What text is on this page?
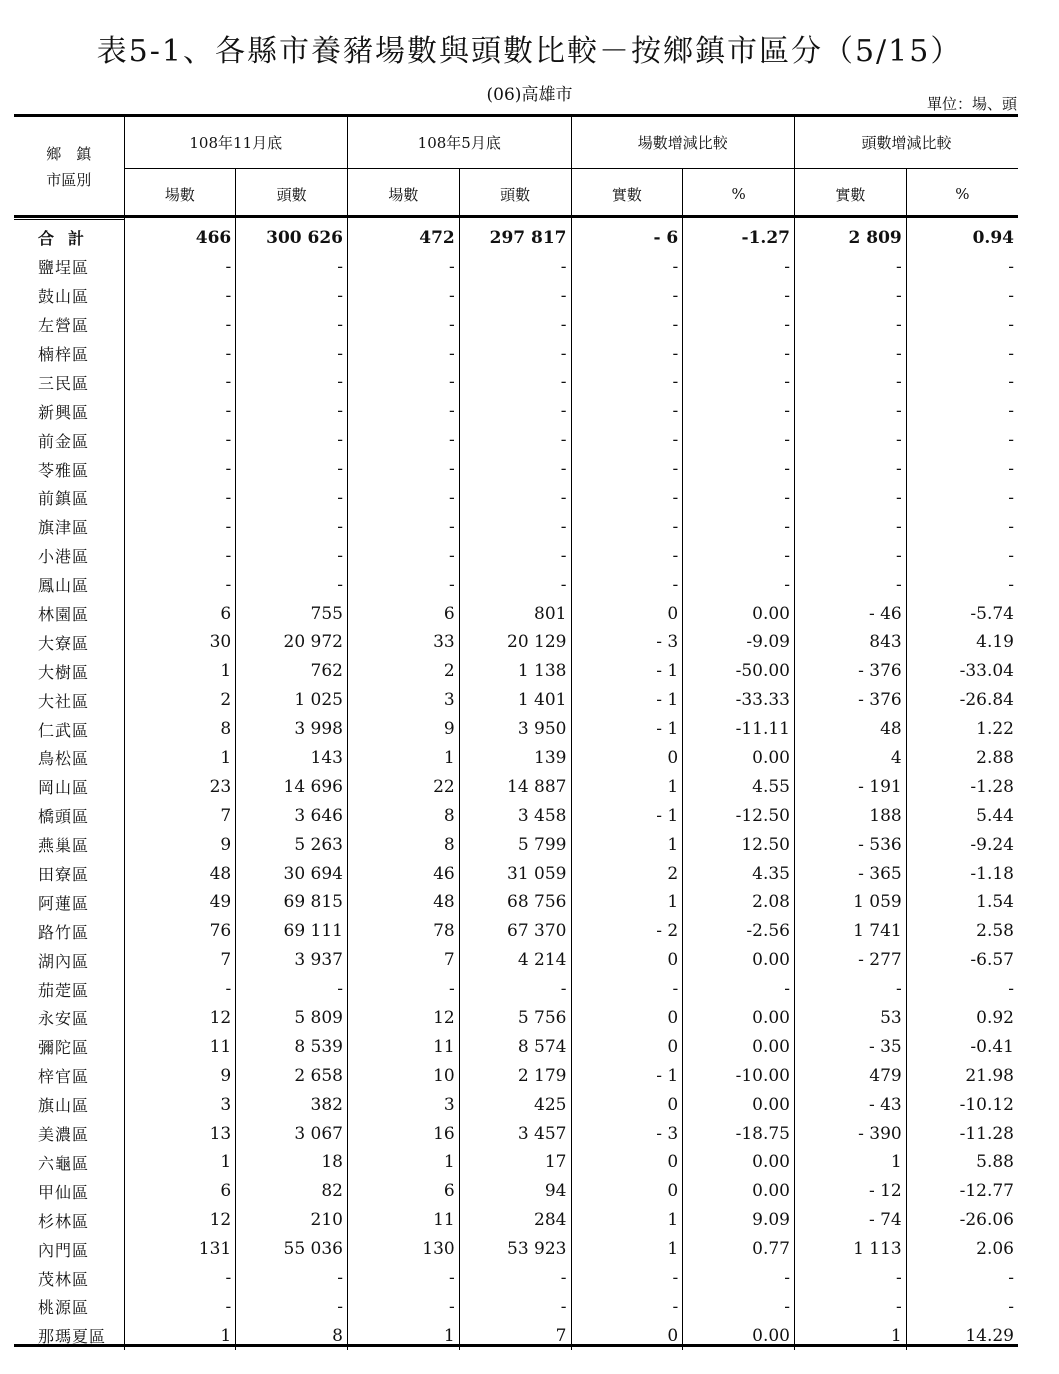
表5-1、各縣市養豬場數與頭數比較－按鄉鎮市區分（5/15）
(06)高雄市	單位：場、頭
鄉　鎮
市區別	108年11月底		108年5月底		場數增減比較		頭數增減比較	
	場數	頭數	場數	頭數	實數	%	實數	%
合計	466	300 626	472	297 817	- 6	-1.27	2 809	0.94
鹽埕區	-	-	-	-	-	-	-	-
鼓山區	-	-	-	-	-	-	-	-
左營區	-	-	-	-	-	-	-	-
楠梓區	-	-	-	-	-	-	-	-
三民區	-	-	-	-	-	-	-	-
新興區	-	-	-	-	-	-	-	-
前金區	-	-	-	-	-	-	-	-
苓雅區	-	-	-	-	-	-	-	-
前鎮區	-	-	-	-	-	-	-	-
旗津區	-	-	-	-	-	-	-	-
小港區	-	-	-	-	-	-	-	-
鳳山區	-	-	-	-	-	-	-	-
林園區	6	755	6	801	0	0.00	- 46	-5.74
大寮區	30	20 972	33	20 129	- 3	-9.09	843	4.19
大樹區	1	762	2	1 138	- 1	-50.00	- 376	-33.04
大社區	2	1 025	3	1 401	- 1	-33.33	- 376	-26.84
仁武區	8	3 998	9	3 950	- 1	-11.11	48	1.22
鳥松區	1	143	1	139	0	0.00	4	2.88
岡山區	23	14 696	22	14 887	1	4.55	- 191	-1.28
橋頭區	7	3 646	8	3 458	- 1	-12.50	188	5.44
燕巢區	9	5 263	8	5 799	1	12.50	- 536	-9.24
田寮區	48	30 694	46	31 059	2	4.35	- 365	-1.18
阿蓮區	49	69 815	48	68 756	1	2.08	1 059	1.54
路竹區	76	69 111	78	67 370	- 2	-2.56	1 741	2.58
湖內區	7	3 937	7	4 214	0	0.00	- 277	-6.57
茄萣區	-	-	-	-	-	-	-	-
永安區	12	5 809	12	5 756	0	0.00	53	0.92
彌陀區	11	8 539	11	8 574	0	0.00	- 35	-0.41
梓官區	9	2 658	10	2 179	- 1	-10.00	479	21.98
旗山區	3	382	3	425	0	0.00	- 43	-10.12
美濃區	13	3 067	16	3 457	- 3	-18.75	- 390	-11.28
六龜區	1	18	1	17	0	0.00	1	5.88
甲仙區	6	82	6	94	0	0.00	- 12	-12.77
杉林區	12	210	11	284	1	9.09	- 74	-26.06
內門區	131	55 036	130	53 923	1	0.77	1 113	2.06
茂林區	-	-	-	-	-	-	-	-
桃源區	-	-	-	-	-	-	-	-
那瑪夏區	1	8	1	7	0	0.00	1	14.29
